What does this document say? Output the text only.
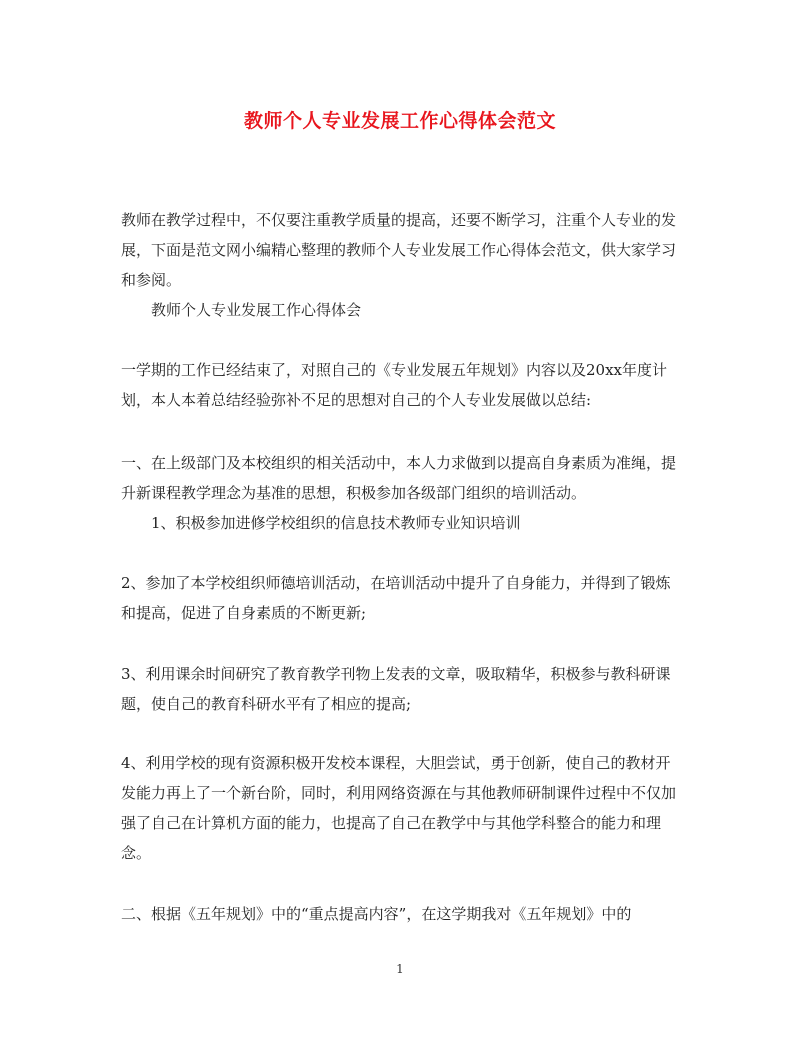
教师个人专业发展工作心得体会范文

教师在教学过程中，不仅要注重教学质量的提高，还要不断学习，注重个人专业的发展，下面是范文网小编精心整理的教师个人专业发展工作心得体会范文，供大家学习和参阅。

教师个人专业发展工作心得体会

一学期的工作已经结束了，对照自己的《专业发展五年规划》内容以及20xx年度计划，本人本着总结经验弥补不足的思想对自己的个人专业发展做以总结:

一、在上级部门及本校组织的相关活动中，本人力求做到以提高自身素质为准绳，提升新课程教学理念为基准的思想，积极参加各级部门组织的培训活动。

1、积极参加进修学校组织的信息技术教师专业知识培训

2、参加了本学校组织师德培训活动，在培训活动中提升了自身能力，并得到了锻炼和提高，促进了自身素质的不断更新;

3、利用课余时间研究了教育教学刊物上发表的文章，吸取精华，积极参与教科研课题，使自己的教育科研水平有了相应的提高;

4、利用学校的现有资源积极开发校本课程，大胆尝试，勇于创新，使自己的教材开发能力再上了一个新台阶，同时，利用网络资源在与其他教师研制课件过程中不仅加强了自己在计算机方面的能力，也提高了自己在教学中与其他学科整合的能力和理念。

二、根据《五年规划》中的“重点提高内容”，在这学期我对《五年规划》中的

1
